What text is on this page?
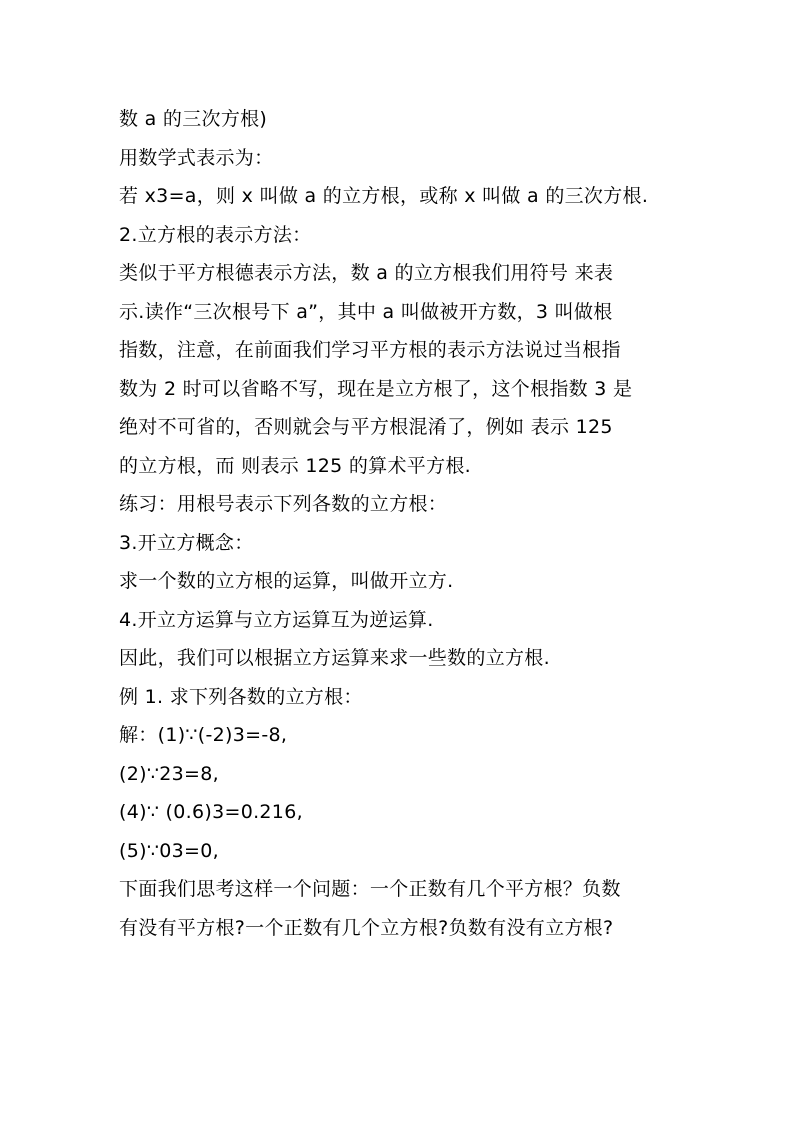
数 a 的三次方根)
用数学式表示为：
若 x3=a，则 x 叫做 a 的立方根，或称 x 叫做 a 的三次方根.
2.立方根的表示方法：
类似于平方根德表示方法，数 a 的立方根我们用符号 来表
示.读作“三次根号下 a”，其中 a 叫做被开方数，3 叫做根
指数，注意，在前面我们学习平方根的表示方法说过当根指
数为 2 时可以省略不写，现在是立方根了，这个根指数 3 是
绝对不可省的，否则就会与平方根混淆了，例如 表示 125
的立方根，而 则表示 125 的算术平方根.
练习：用根号表示下列各数的立方根：
3.开立方概念：
求一个数的立方根的运算，叫做开立方.
4.开立方运算与立方运算互为逆运算.
因此，我们可以根据立方运算来求一些数的立方根.
例 1. 求下列各数的立方根：
解：(1)∵(-2)3=-8,
(2)∵23=8,
(4)∵ (0.6)3=0.216,
(5)∵03=0,
下面我们思考这样一个问题：一个正数有几个平方根？负数
有没有平方根?一个正数有几个立方根?负数有没有立方根?
